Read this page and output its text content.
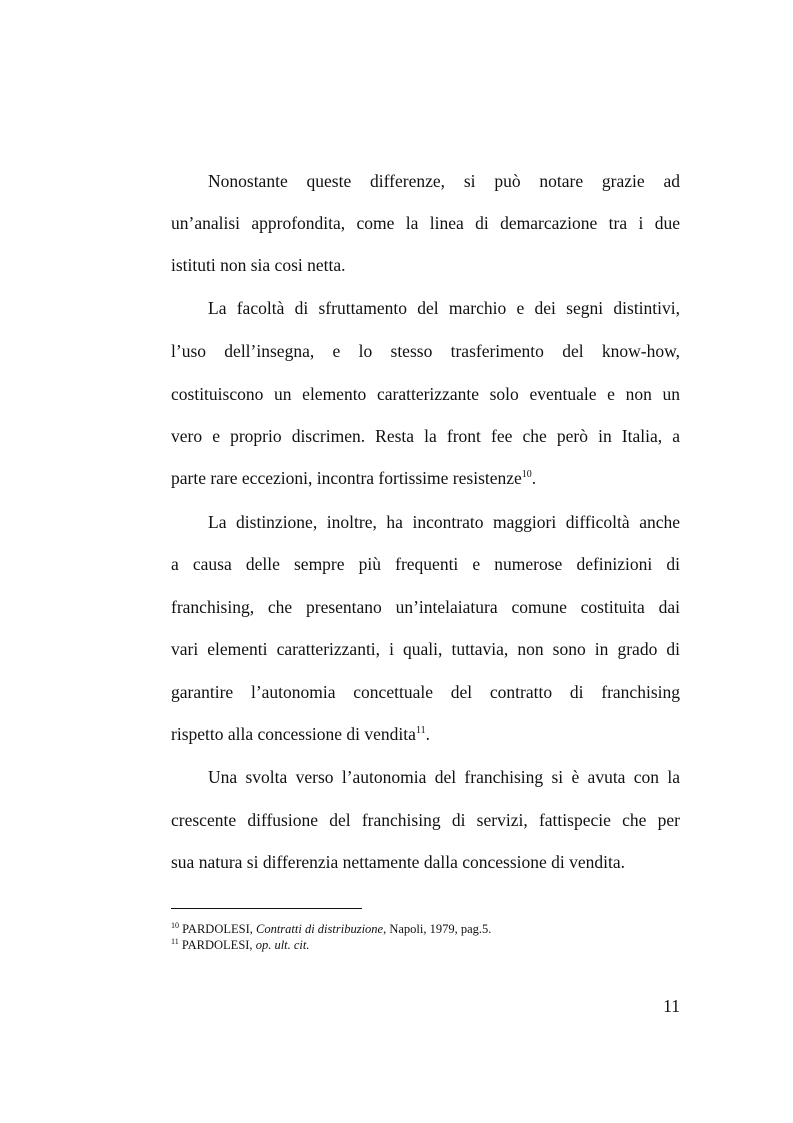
Nonostante queste differenze, si può notare grazie ad
un’analisi approfondita, come la linea di demarcazione tra i due
istituti non sia cosi netta.
La facoltà di sfruttamento del marchio e dei segni distintivi,
l’uso dell’insegna, e lo stesso trasferimento del know-how,
costituiscono un elemento caratterizzante solo eventuale e non un
vero e proprio discrimen. Resta la front fee che però in Italia, a
parte rare eccezioni, incontra fortissime resistenze$^{10}$.
La distinzione, inoltre, ha incontrato maggiori difficoltà anche
a causa delle sempre più frequenti e numerose definizioni di
franchising, che presentano un’intelaiatura comune costituita dai
vari elementi caratterizzanti, i quali, tuttavia, non sono in grado di
garantire l’autonomia concettuale del contratto di franchising
rispetto alla concessione di vendita$^{11}$.
Una svolta verso l’autonomia del franchising si è avuta con la
crescente diffusione del franchising di servizi, fattispecie che per
sua natura si differenzia nettamente dalla concessione di vendita.
$^{10}$ PARDOLESI, Contratti di distribuzione, Napoli, 1979, pag.5.
$^{11}$ PARDOLESI, op. ult. cit.
11
